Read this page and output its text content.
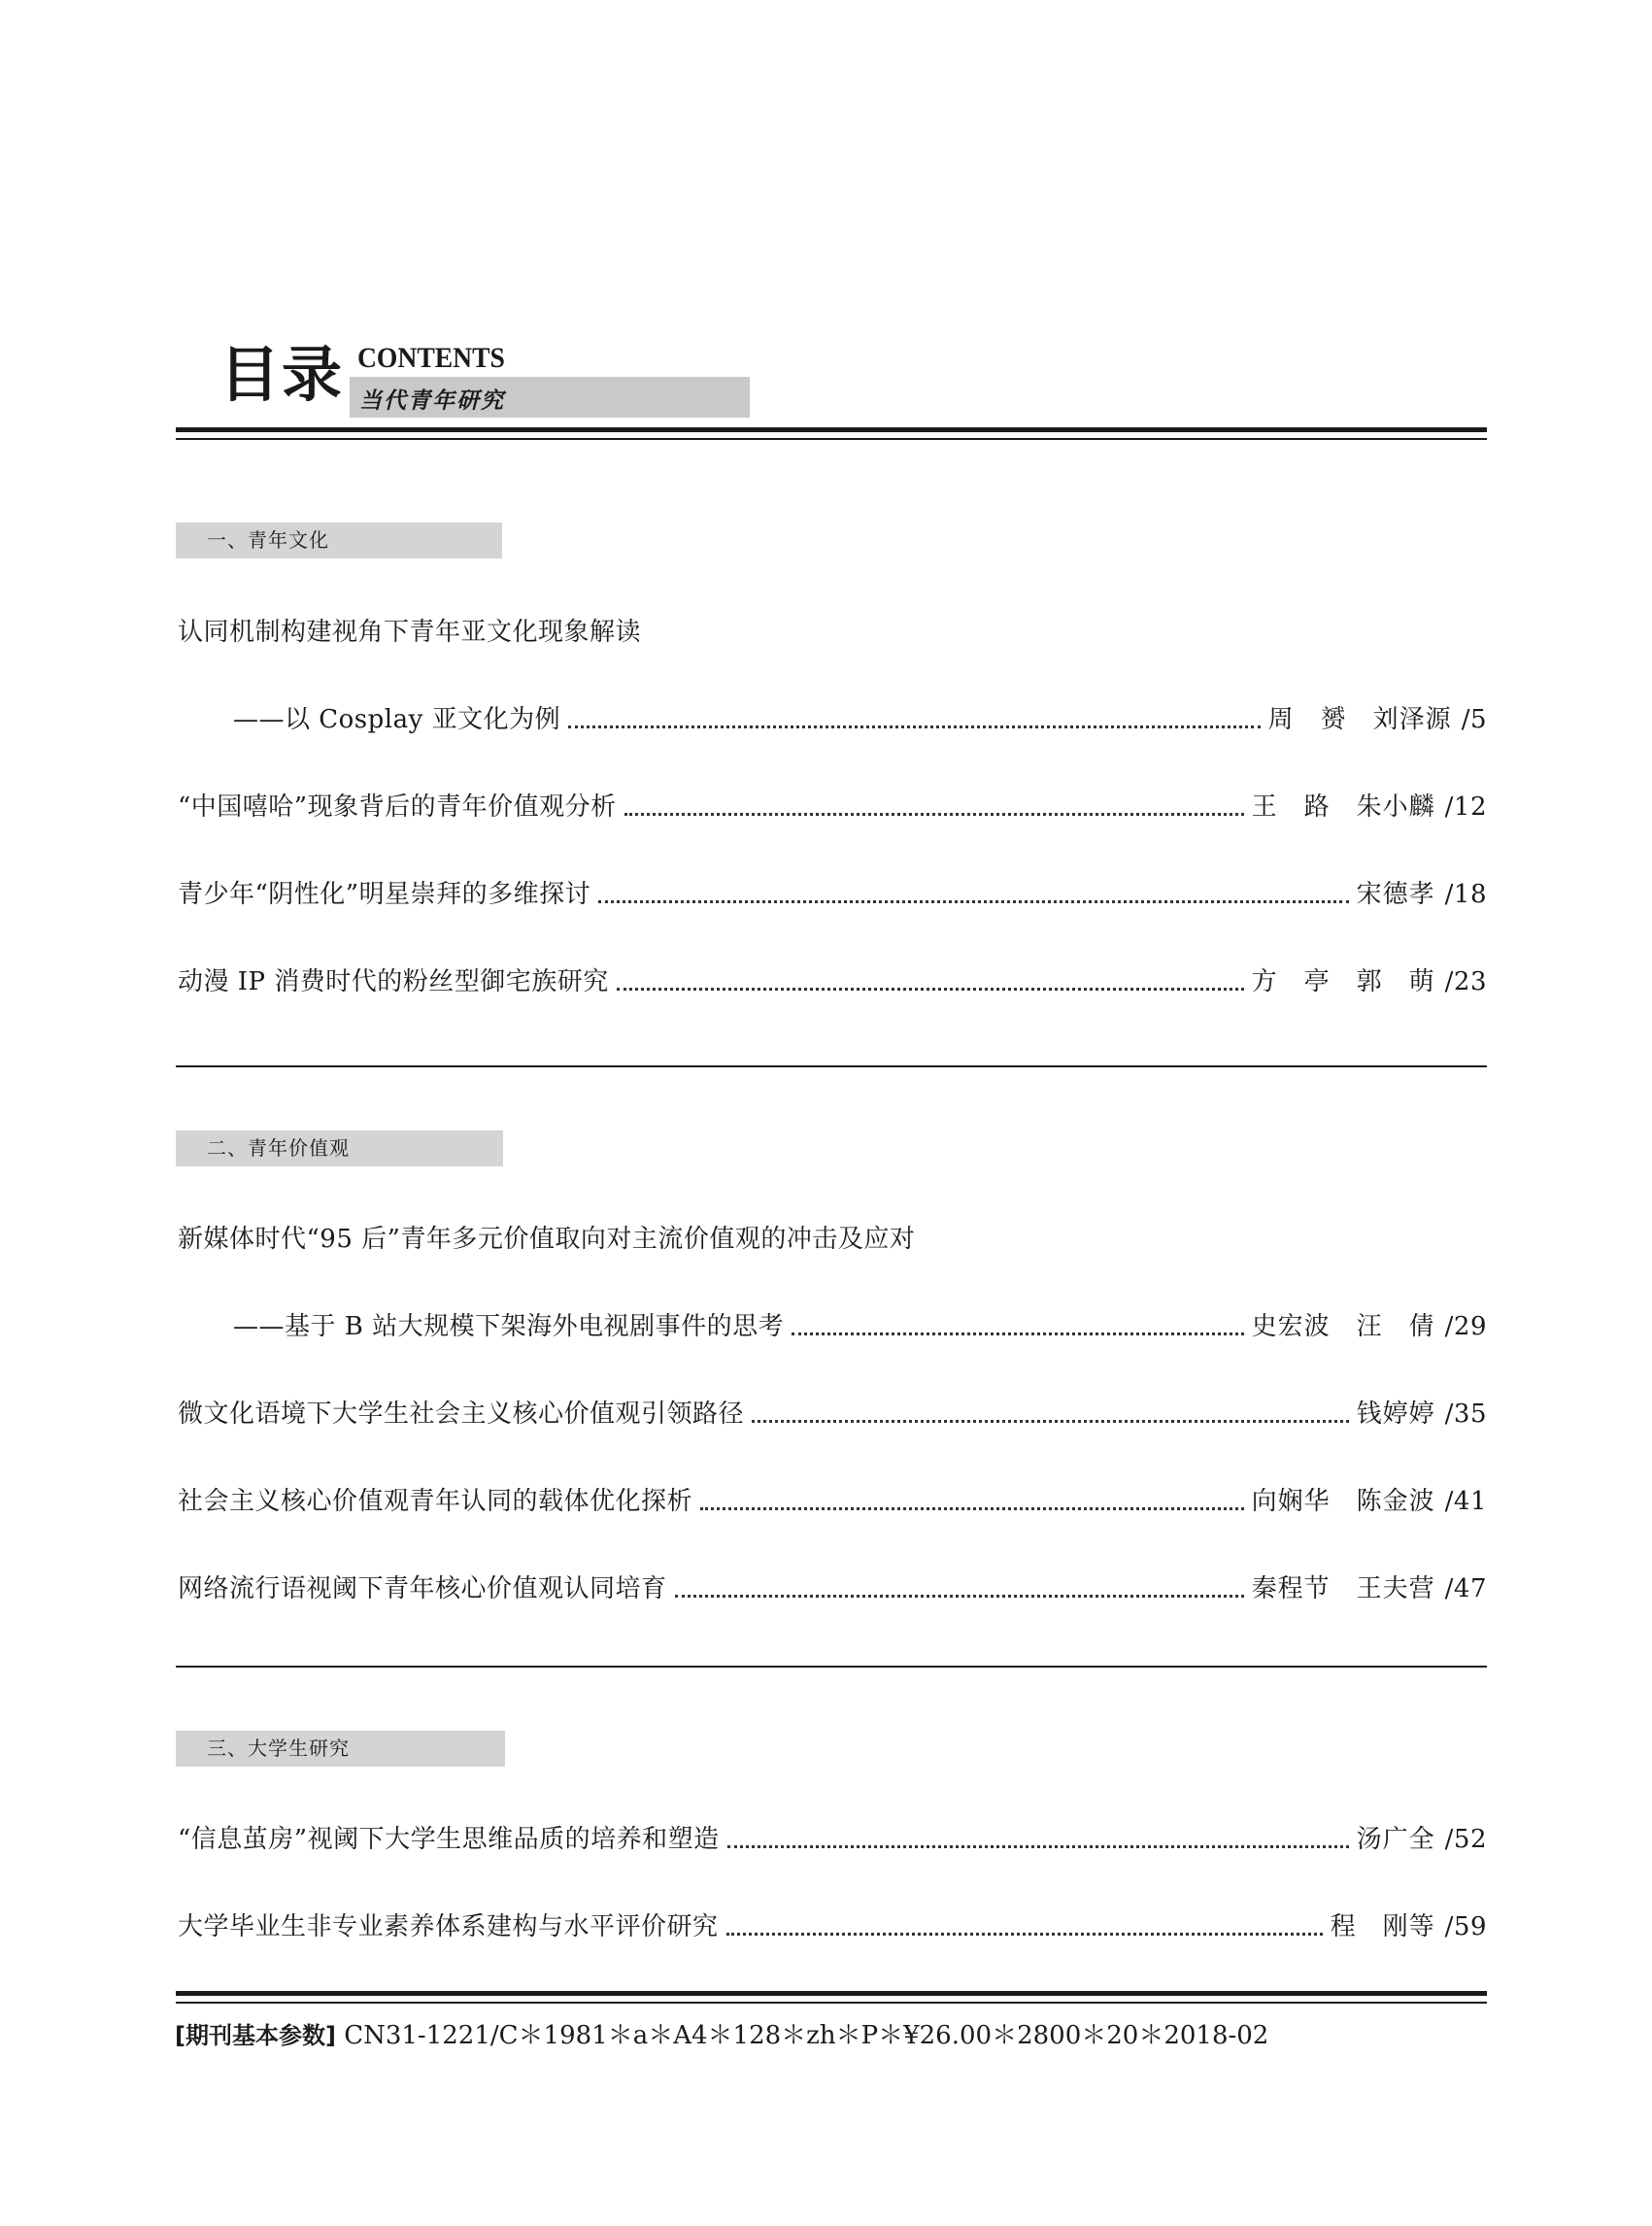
目录 CONTENTS
当代青年研究
一、青年文化
认同机制构建视角下青年亚文化现象解读
——以 Cosplay 亚文化为例	周　赟　刘泽源 /5
“中国嘻哈”现象背后的青年价值观分析	王　路　朱小麟 /12
青少年“阴性化”明星崇拜的多维探讨	宋德孝 /18
动漫 IP 消费时代的粉丝型御宅族研究	方　亭　郭　萌 /23
二、青年价值观
新媒体时代“95 后”青年多元价值取向对主流价值观的冲击及应对
——基于 B 站大规模下架海外电视剧事件的思考	史宏波　汪　倩 /29
微文化语境下大学生社会主义核心价值观引领路径	钱婷婷 /35
社会主义核心价值观青年认同的载体优化探析	向娴华　陈金波 /41
网络流行语视阈下青年核心价值观认同培育	秦程节　王夫营 /47
三、大学生研究
“信息茧房”视阈下大学生思维品质的培养和塑造	汤广全 /52
大学毕业生非专业素养体系建构与水平评价研究	程　刚等 /59
[期刊基本参数] CN31-1221/C＊1981＊a＊A4＊128＊zh＊P＊¥26.00＊2800＊20＊2018-02
